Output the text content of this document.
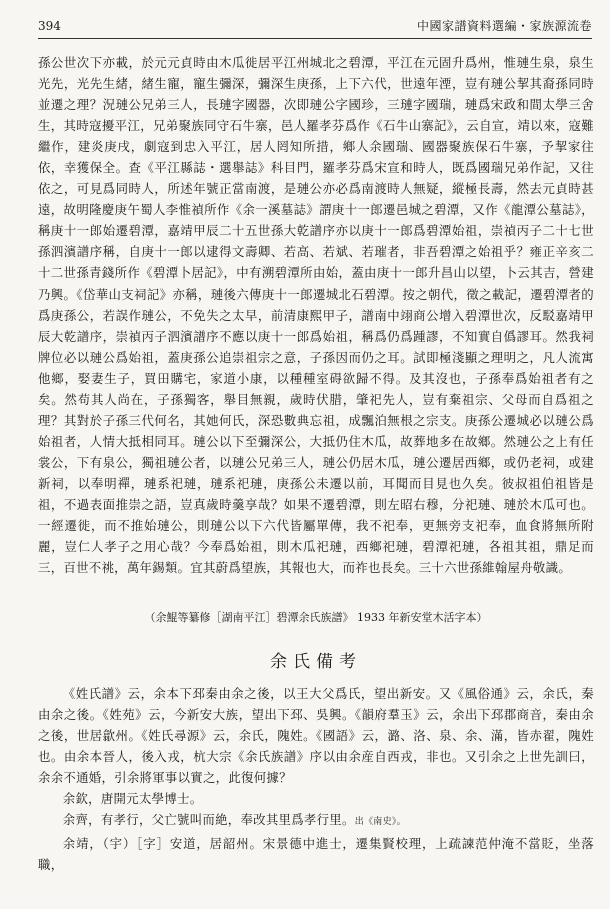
394	中國家譜資料選編・家族源流卷

孫公世次下亦載，於元元貞時由木瓜徙居平江州城北之碧潭，平江在元固升爲州，惟璉生泉，泉生光先，光先生緒，緒生寵，寵生彌深，彌深生庚孫，上下六代，世遠年湮，豈有璉公挈其裔孫同時並遷之理？況璉公兄弟三人，長璉字國器，次即璉公字國珍，三璉字國瑞，璉爲宋政和間太學三舍生，其時寇擾平江，兄弟聚族同守石牛寨，邑人羅孝芬爲作《石牛山寨記》，云自宣，靖以來，寇難繼作，建炎庚戌，劇寇到忠入平江，居人罔知所措，鄉人余國瑞、國器聚族保石牛寨，予挈家往依，幸獲保全。查《平江縣誌・選舉誌》科目門，羅孝芬爲宋宣和時人，既爲國瑞兄弟作記，又往依之，可見爲同時人，所述年號正當南渡，是璉公亦必爲南渡時人無疑，縱極長壽，然去元貞時甚遠，故明隆慶庚午蜀人李惟禎所作《余一溪墓誌》謂庚十一郎遷邑城之碧潭，又作《龍潭公墓誌》，稱庚十一郎始遷碧潭，嘉靖甲辰二十五世孫大乾譜序亦以庚十一郎爲碧潭始祖，崇禎丙子二十七世孫泗濱譜序稱，自庚十一郎以逮得文壽卿、若高、若斌、若璀者，非吾碧潭之始祖乎？雍正辛亥二十二世孫青錢所作《碧潭卜居記》，中有溯碧潭所由始，蓋由庚十一郎升昌山以望，卜云其吉，營建乃興。《岱華山支祠記》亦稱，璉後六傳庚十一郎遷城北石碧潭。按之朝代，徵之載記，遷碧潭者的爲庚孫公，若誤作璉公，不免失之太早，前清康熙甲子，譜南中翊商公增入碧潭世次，反駁嘉靖甲辰大乾譜序，崇禎丙子泗濱譜序不應以庚十一郎爲始祖，稱爲仍爲踵謬，不知實自僞謬耳。然我祠牌位必以璉公爲始祖，蓋庚孫公追崇祖宗之意，子孫因而仍之耳。試即極淺顯之理明之，凡人流寓他鄉，娶妻生子，買田購宅，家道小康，以種種室碍欲歸不得。及其沒也，子孫奉爲始祖者有之矣。然苟其人尚在，子孫獨客，舉目無親，歲時伏腊，肇祀先人，豈有棄祖宗、父母而自爲祖之理？其對於子孫三代何名，其她何氏，深恐數典忘祖，成飄泊無根之宗支。庚孫公遷城必以璉公爲始祖者，人情大抵相同耳。璉公以下至彌深公，大抵仍住木瓜，故葬地多在故鄉。然璉公之上有任裳公，下有泉公，獨祖璉公者，以璉公兄弟三人，璉公仍居木瓜，璉公遷居西鄉，或仍老祠，或建新祠，以奉明禪，璉系祀璉，璉系祀璉，庚孫公未遷以前，耳聞而目見也久矣。彼叔祖伯祖皆是祖，不過表面推崇之語，豈真歲時羹享哉？如果不遷碧潭，則左昭右穆，分祀璉、璉於木瓜可也。一經遷徙，而不推始璉公，則璉公以下六代皆屬單傳，我不祀奉，更無旁支祀奉，血食將無所附麗，豈仁人孝子之用心哉？今奉爲始祖，則木瓜祀璉，西鄉祀璉，碧潭祀璉，各祖其祖，鼎足而三，百世不祧，萬年錫類。宜其蔚爲望族，其報也大，而祚也長矣。三十六世孫維翰屋舟敬識。

（余鯤等纂修［湖南平江］碧潭余氏族譜》 1933 年新安堂木活字本）
余氏備考

《姓氏譜》云，余本下邳秦由余之後，以王大父爲氏，望出新安。又《風俗通》云，余氏，秦由余之後。《姓苑》云，今新安大族，望出下邳、吳興。《韻府羣玉》云，余出下邳郡商音，秦由余之後，世居歙州。《姓氏尋源》云，余氏，隗姓。《國語》云，潞、洛、泉、余、滿，皆赤翟，隗姓也。由余本晉人，後入戎，杭大宗《余氏族譜》序以由余産自西戎，非也。又引余之上世先訓曰，余余不通婚，引余將軍事以實之，此復何據？

余欽，唐開元太學博士。

余齊，有孝行，父亡號叫而絶，奉改其里爲孝行里。出《南史》。

余靖，（宇）［字］安道，居韶州。宋景德中進士，遷集賢校理，上疏諫范仲淹不當貶，坐落職，
